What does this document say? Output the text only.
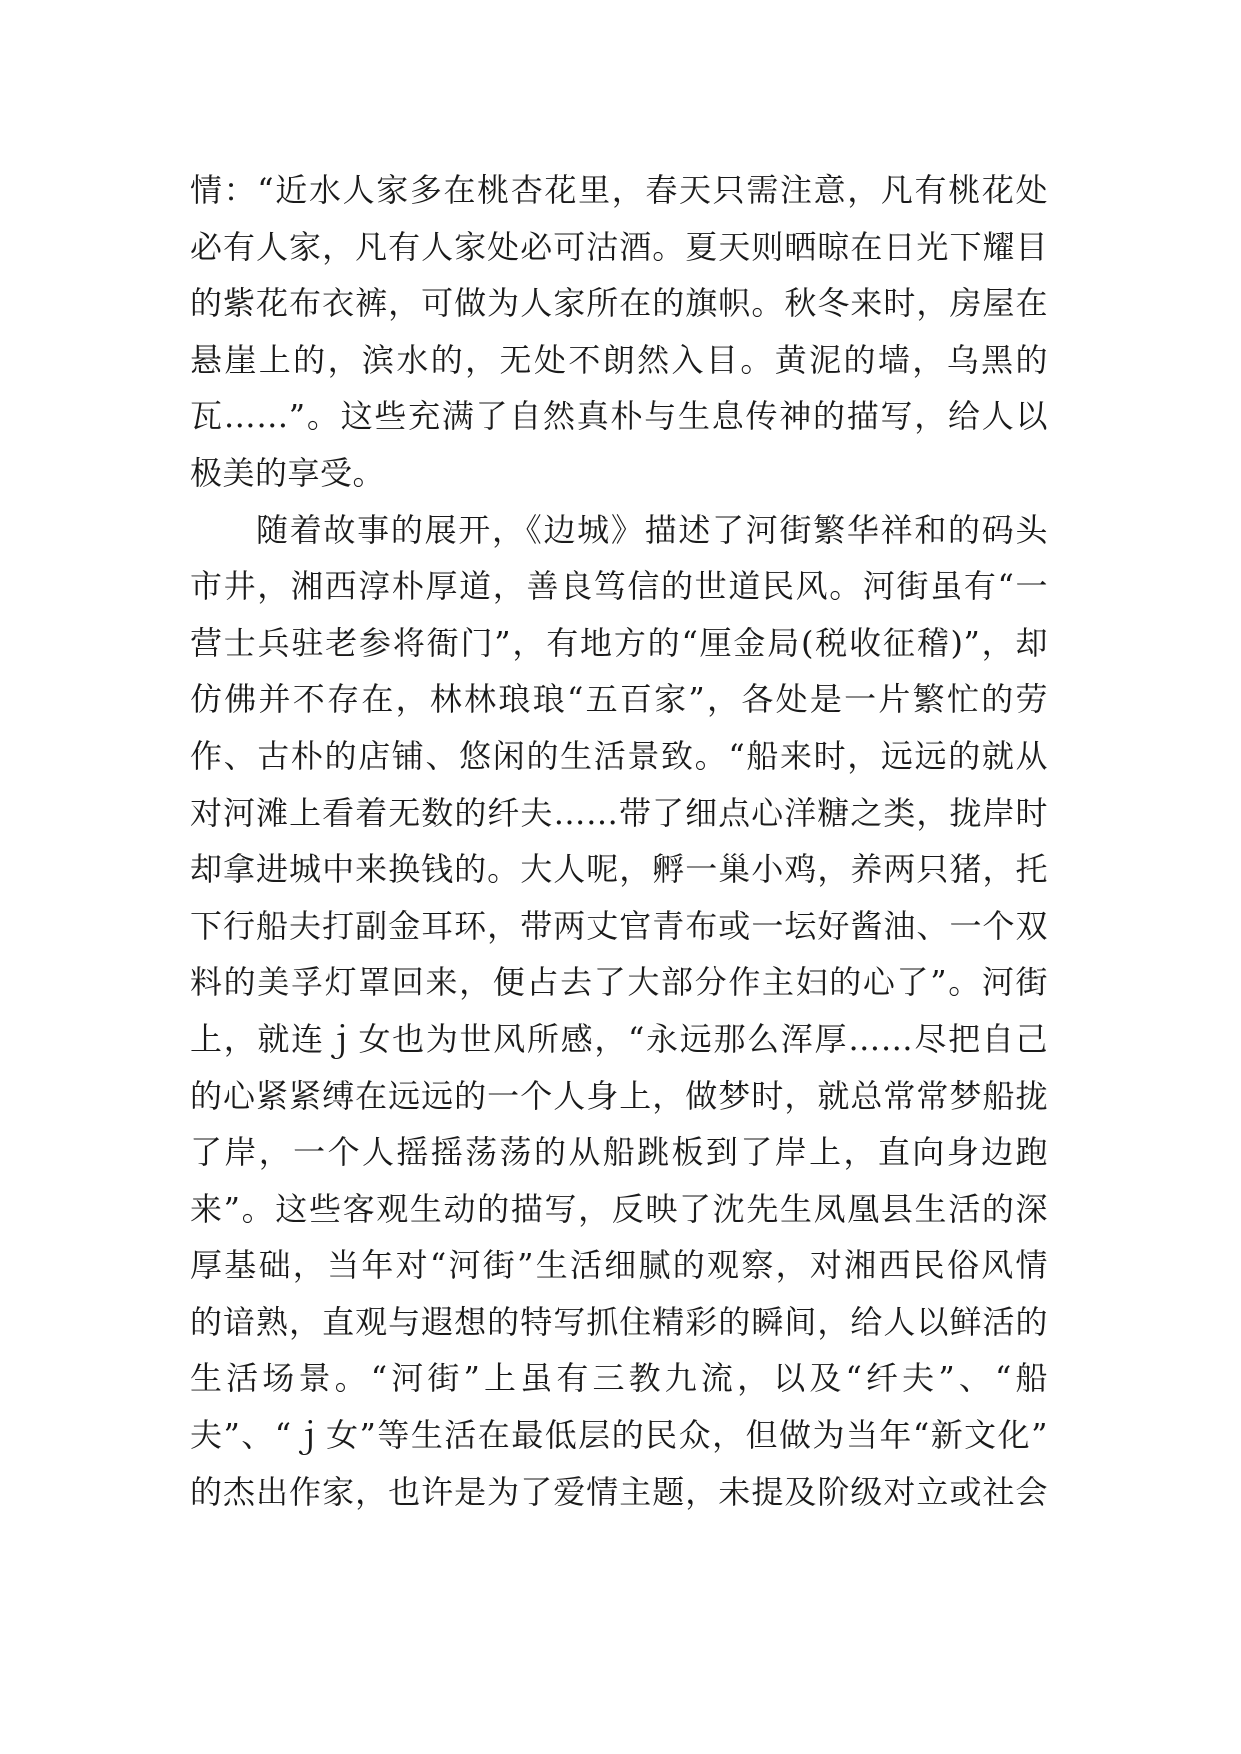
情：“近水人家多在桃杏花里，春天只需注意，凡有桃花处
必有人家，凡有人家处必可沽酒。夏天则晒晾在日光下耀目
的紫花布衣裤，可做为人家所在的旗帜。秋冬来时，房屋在
悬崖上的，滨水的，无处不朗然入目。黄泥的墙，乌黑的
瓦……”。这些充满了自然真朴与生息传神的描写，给人以
极美的享受。
随着故事的展开，《边城》描述了河街繁华祥和的码头
市井，湘西淳朴厚道，善良笃信的世道民风。河街虽有“一
营士兵驻老参将衙门”，有地方的“厘金局(税收征稽)”，却
仿佛并不存在，林林琅琅“五百家”，各处是一片繁忙的劳
作、古朴的店铺、悠闲的生活景致。“船来时，远远的就从
对河滩上看着无数的纤夫……带了细点心洋糖之类，拢岸时
却拿进城中来换钱的。大人呢，孵一巢小鸡，养两只猪，托
下行船夫打副金耳环，带两丈官青布或一坛好酱油、一个双
料的美孚灯罩回来，便占去了大部分作主妇的心了”。河街
上，就连ｊ女也为世风所感，“永远那么浑厚……尽把自己
的心紧紧缚在远远的一个人身上，做梦时，就总常常梦船拢
了岸，一个人摇摇荡荡的从船跳板到了岸上，直向身边跑
来”。这些客观生动的描写，反映了沈先生凤凰县生活的深
厚基础，当年对“河街”生活细腻的观察，对湘西民俗风情
的谙熟，直观与遐想的特写抓住精彩的瞬间，给人以鲜活的
生活场景。“河街”上虽有三教九流，以及“纤夫”、“船
夫”、“ｊ女”等生活在最低层的民众，但做为当年“新文化”
的杰出作家，也许是为了爱情主题，未提及阶级对立或社会
